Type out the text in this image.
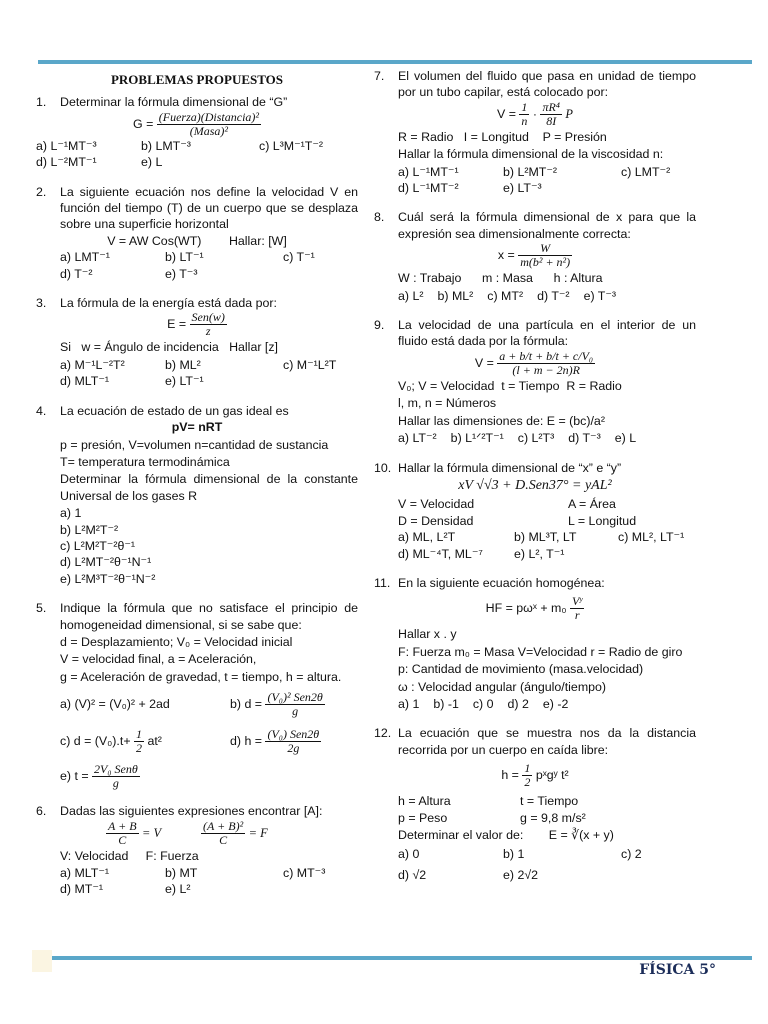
FÍSICA 5°
PROBLEMAS PROPUESTOS
1.	Determinar la fórmula dimensional de “G”
$G = \frac{\text{(Fuerza)(Distancia)²}}{\text{(Masa)²}}$
a) L⁻¹MT⁻³	b) LMT⁻³	c) L³M⁻¹T⁻²
d) L⁻²MT⁻¹	e) L
2.	La siguiente ecuación nos define la velocidad V en función del tiempo (T) de un cuerpo que se desplaza sobre una superficie horizontal
V = AW Cos(WT)        Hallar: [W]
a) LMT⁻¹	b) LT⁻¹	c) T⁻¹
d) T⁻²	e) T⁻³
3.	La fórmula de la energía está dada por:
$E = \frac{\text{Sen(w)}}{z}$
Si   w = Ángulo de incidencia   Hallar [z]
a) M⁻¹L⁻²T²	b) ML²	c) M⁻¹L²T
d) MLT⁻¹	e) LT⁻¹
4.	La ecuación de estado de un gas ideal es
pV= nRT
p = presión, V=volumen n=cantidad de sustancia
T= temperatura termodinámica
Determinar la fórmula dimensional de la constante Universal de los gases R
a) 1
b) L²M²T⁻²
c) L²M²T⁻²θ⁻¹
d) L²MT⁻²θ⁻¹N⁻¹
e) L²M³T⁻²θ⁻¹N⁻²
5.	Indique la fórmula que no satisface el principio de homogeneidad dimensional, si se sabe que:
d = Desplazamiento; V₀ = Velocidad inicial
V = velocidad final, a = Aceleración,
g = Aceleración de gravedad, t = tiempo, h = altura.
a) (V)² = (V₀)² + 2ad	b) $d = \frac{\text{(V₀)² Sen2θ}}{g}$
c) $d = (V_0).t+ \frac{1}{2} at^2$	d) $h = \frac{\text{(V₀) Sen2θ}}{2g}$
e) $t = \frac{\text{2V₀ Senθ}}{g}$
6.	Dadas las siguientes expresiones encontrar [A]:
$\frac{A + B}{C} = V$	$\frac{\text{(A + B)²}}{C} = F$
V: Velocidad     F: Fuerza
a) MLT⁻¹	b) MT	c) MT⁻³
d) MT⁻¹	e) L²
7.	El volumen del fluido que pasa en unidad de tiempo por un tubo capilar, está colocado por:
$V = \frac{1}{n} \cdot \frac{\text{πR⁴}}{8I}$ P
R = Radio   I = Longitud    P = Presión
Hallar la fórmula dimensional de la viscosidad n:
a) L⁻¹MT⁻¹	b) L²MT⁻²	c) LMT⁻²
d) L⁻¹MT⁻²	e) LT⁻³
8.	Cuál será la fórmula dimensional de x para que la expresión sea dimensionalmente correcta:
$x = \frac{W}{\text{m(b² + n²)}}$
W : Trabajo      m : Masa      h : Altura
a) L² b) ML² c) MT² d) T⁻² e) T⁻³
9.	La velocidad de una partícula en el interior de un fluido está dada por la fórmula:
$V = \frac{\text{a + b/t + b/t + c/V₀}}{(l + m - 2n)R}$
V₀; V = Velocidad  t = Tiempo  R = Radio
l, m, n = Números
Hallar las dimensiones de: E = (bc)/a²
a) LT⁻² b) L¹ᐟ²T⁻¹ c) L²T³ d) T⁻³ e) L
10. Hallar la fórmula dimensional de “x” e “y”
xV √√3 + D.Sen37° = yAL²
V = Velocidad	A = Área
D = Densidad	L = Longitud
a) ML, L²T	b) ML³T, LT	c) ML², LT⁻¹
d) ML⁻⁴T, ML⁻⁷	e) L², T⁻¹
11. En la siguiente ecuación homogénea:
HF = pωˣ + $m_0 \frac{\text{Vʸ}}{r}$
Hallar x . y
F: Fuerza m₀ = Masa V=Velocidad r = Radio de giro
p: Cantidad de movimiento (masa.velocidad)
ω : Velocidad angular (ángulo/tiempo)
a) 1 b) -1 c) 0 d) 2 e) -2
12. La ecuación que se muestra nos da la distancia recorrida por un cuerpo en caída libre:
$h = \frac{1}{2}$ pˣgʸ t²
h = Altura	t = Tiempo
p = Peso	g = 9,8 m/s²
Determinar el valor de: E = ∛(x + y)
a) 0	b) 1	c) 2
d) √2	e) 2√2
